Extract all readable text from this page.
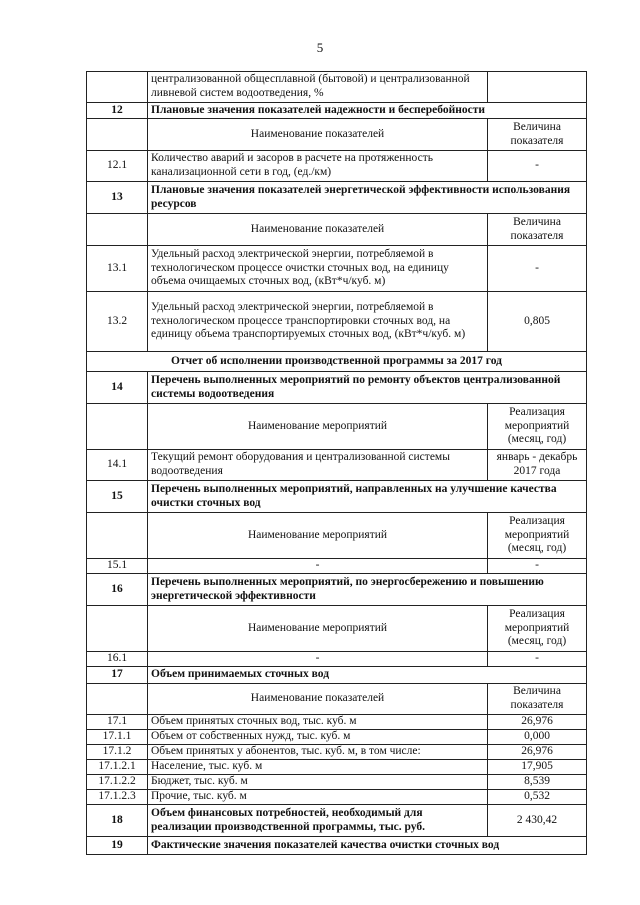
5
	централизованной общесплавной (бытовой) и централизованной ливневой систем водоотведения, %	
12	Плановые значения показателей надежности и бесперебойности	
	Наименование показателей	Величина показателя
12.1	Количество аварий и засоров в расчете на протяженность канализационной сети в год, (ед./км)	-
13	Плановые значения показателей энергетической эффективности использования ресурсов	
	Наименование показателей	Величина показателя
13.1	Удельный расход электрической энергии, потребляемой в технологическом процессе очистки сточных вод, на единицу объема очищаемых сточных вод, (кВт*ч/куб. м)	-
13.2	Удельный расход электрической энергии, потребляемой в технологическом процессе транспортировки сточных вод, на единицу объема транспортируемых сточных вод, (кВт*ч/куб. м)	0,805
Отчет об исполнении производственной программы за 2017 год		
14	Перечень выполненных мероприятий по ремонту объектов централизованной системы водоотведения	
	Наименование мероприятий	Реализация мероприятий (месяц, год)
14.1	Текущий ремонт оборудования и централизованной системы водоотведения	январь - декабрь 2017 года
15	Перечень выполненных мероприятий, направленных на улучшение качества очистки сточных вод	
	Наименование мероприятий	Реализация мероприятий (месяц, год)
15.1	-	-
16	Перечень выполненных мероприятий, по энергосбережению и повышению энергетической эффективности	
	Наименование мероприятий	Реализация мероприятий (месяц, год)
16.1	-	-
17	Объем принимаемых сточных вод	
	Наименование показателей	Величина показателя
17.1	Объем принятых сточных вод, тыс. куб. м	26,976
17.1.1	Объем от собственных нужд, тыс. куб. м	0,000
17.1.2	Объем принятых у абонентов, тыс. куб. м, в том числе:	26,976
17.1.2.1	Население, тыс. куб. м	17,905
17.1.2.2	Бюджет, тыс. куб. м	8,539
17.1.2.3	Прочие, тыс. куб. м	0,532
18	Объем финансовых потребностей, необходимый для реализации производственной программы, тыс. руб.	2 430,42
19	Фактические значения показателей качества очистки сточных вод	
